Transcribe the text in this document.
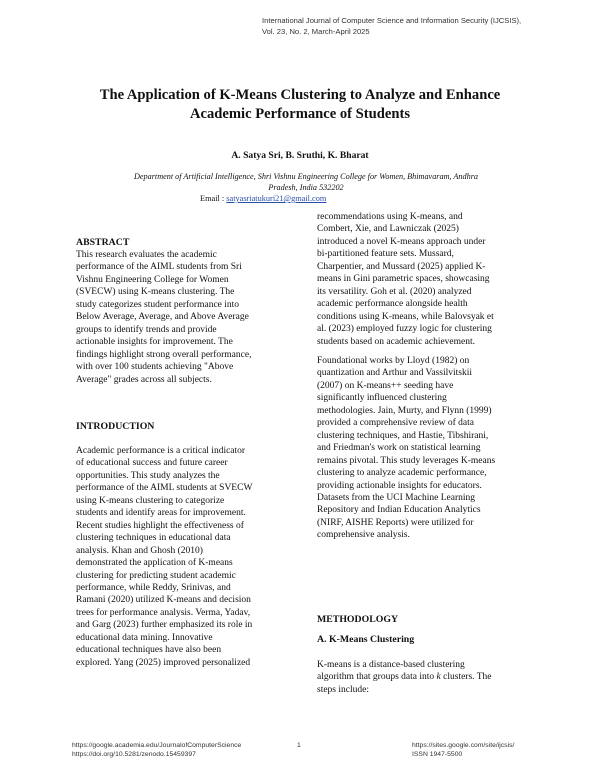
International Journal of Computer Science and Information Security (IJCSIS),
Vol. 23, No. 2, March-April 2025
The Application of K-Means Clustering to Analyze and Enhance
Academic Performance of Students
A. Satya Sri, B. Sruthi, K. Bharat
Department of Artificial Intelligence, Shri Vishnu Engineering College for Women, Bhimavaram, Andhra
Pradesh, India 532202
Email : satyasriatukuri21@gmail.com
ABSTRACT
This research evaluates the academic
performance of the AIML students from Sri
Vishnu Engineering College for Women
(SVECW) using K-means clustering. The
study categorizes student performance into
Below Average, Average, and Above Average
groups to identify trends and provide
actionable insights for improvement. The
findings highlight strong overall performance,
with over 100 students achieving "Above
Average" grades across all subjects.
INTRODUCTION
Academic performance is a critical indicator
of educational success and future career
opportunities. This study analyzes the
performance of the AIML students at SVECW
using K-means clustering to categorize
students and identify areas for improvement.
Recent studies highlight the effectiveness of
clustering techniques in educational data
analysis. Khan and Ghosh (2010)
demonstrated the application of K-means
clustering for predicting student academic
performance, while Reddy, Srinivas, and
Ramani (2020) utilized K-means and decision
trees for performance analysis. Verma, Yadav,
and Garg (2023) further emphasized its role in
educational data mining. Innovative
educational techniques have also been
explored. Yang (2025) improved personalized
recommendations using K-means, and
Combert, Xie, and Lawniczak (2025)
introduced a novel K-means approach under
bi-partitioned feature sets. Mussard,
Charpentier, and Mussard (2025) applied K-
means in Gini parametric spaces, showcasing
its versatility. Goh et al. (2020) analyzed
academic performance alongside health
conditions using K-means, while Balovsyak et
al. (2023) employed fuzzy logic for clustering
students based on academic achievement.
Foundational works by Lloyd (1982) on
quantization and Arthur and Vassilvitskii
(2007) on K-means++ seeding have
significantly influenced clustering
methodologies. Jain, Murty, and Flynn (1999)
provided a comprehensive review of data
clustering techniques, and Hastie, Tibshirani,
and Friedman's work on statistical learning
remains pivotal. This study leverages K-means
clustering to analyze academic performance,
providing actionable insights for educators.
Datasets from the UCI Machine Learning
Repository and Indian Education Analytics
(NIRF, AISHE Reports) were utilized for
comprehensive analysis.
METHODOLOGY
A. K-Means Clustering
K-means is a distance-based clustering
algorithm that groups data into k clusters. The
steps include:
https://google.academia.edu/JournalofComputerScience
https://doi.org/10.5281/zenodo.15459397
1	https://sites.google.com/site/ijcsis/
ISSN 1947-5500
